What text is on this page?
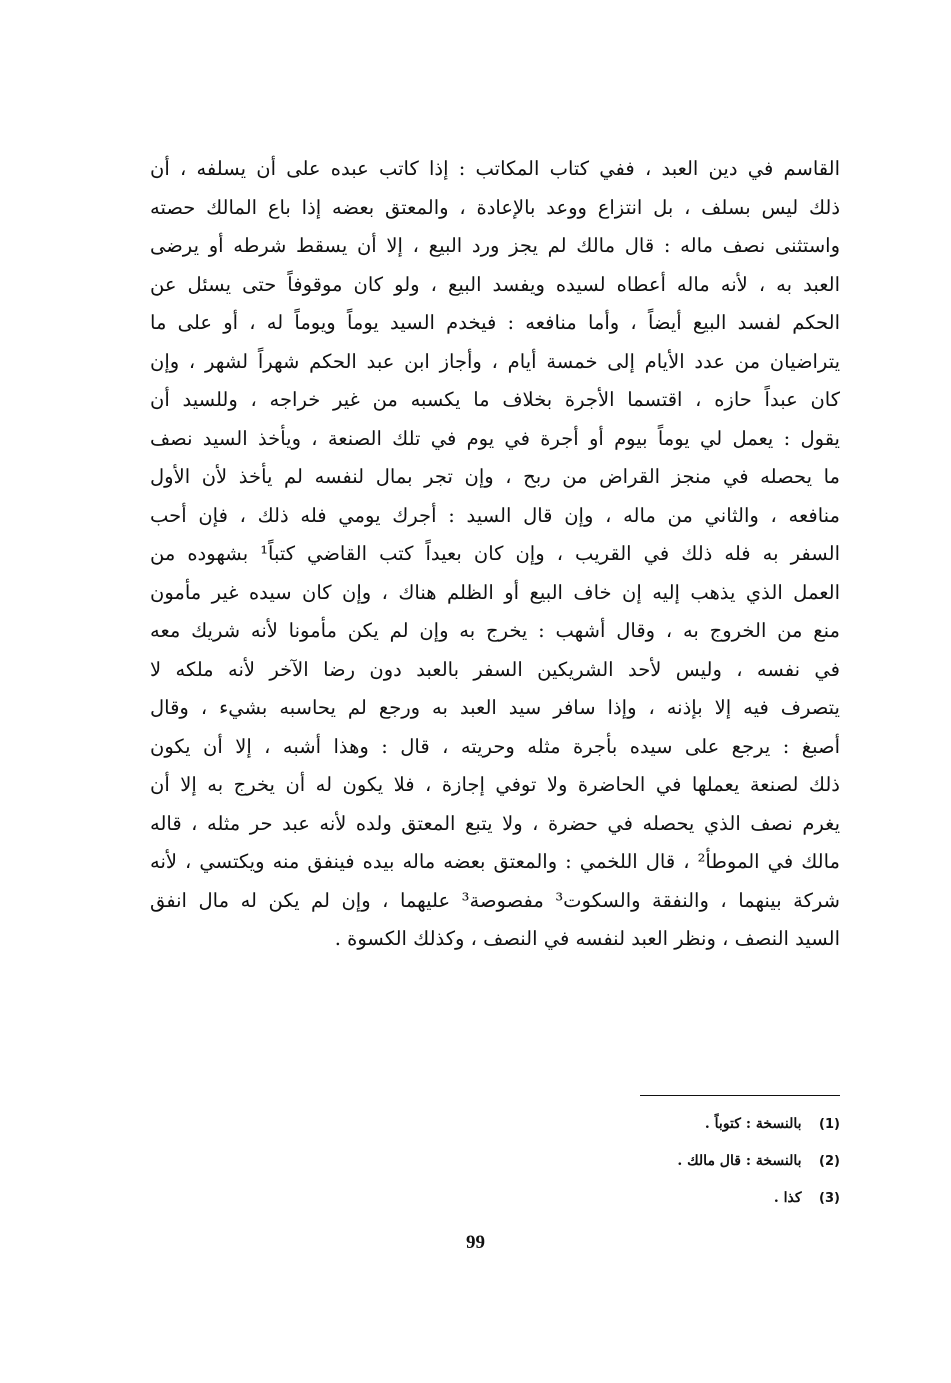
القاسم في دين العبد ، ففي كتاب المكاتب : إذا كاتب عبده على أن يسلفه ، أن
ذلك ليس بسلف ، بل انتزاع ووعد بالإعادة ، والمعتق بعضه إذا باع المالك حصته
واستثنى نصف ماله : قال مالك لم يجز ورد البيع ، إلا أن يسقط شرطه أو يرضى
العبد به ، لأنه ماله أعطاه لسيده ويفسد البيع ، ولو كان موقوفاً حتى يسئل عن
الحكم لفسد البيع أيضاً ، وأما منافعه : فيخدم السيد يوماً ويوماً له ، أو على ما
يتراضيان من عدد الأيام إلى خمسة أيام ، وأجاز ابن عبد الحكم شهراً لشهر ، وإن
كان عبداً حازه ، اقتسما الأجرة بخلاف ما يكسبه من غير خراجه ، وللسيد أن
يقول : يعمل لي يوماً بيوم أو أجرة في يوم في تلك الصنعة ، ويأخذ السيد نصف
ما يحصله في منجز القراض من ربح ، وإن تجر بمال لنفسه لم يأخذ لأن الأول
منافعه ، والثاني من ماله ، وإن قال السيد : أجرك يومي فله ذلك ، فإن أحب
السفر به فله ذلك في القريب ، وإن كان بعيداً كتب القاضي كتباً¹ بشهوده من
العمل الذي يذهب إليه إن خاف البيع أو الظلم هناك ، وإن كان سيده غير مأمون
منع من الخروج به ، وقال أشهب : يخرج به وإن لم يكن مأمونا لأنه شريك معه
في نفسه ، وليس لأحد الشريكين السفر بالعبد دون رضا الآخر لأنه ملكه لا
يتصرف فيه إلا بإذنه ، وإذا سافر سيد العبد به ورجع لم يحاسبه بشيء ، وقال
أصبغ : يرجع على سيده بأجرة مثله وحريته ، قال : وهذا أشبه ، إلا أن يكون
ذلك لصنعة يعملها في الحاضرة ولا توفي إجازة ، فلا يكون له أن يخرج به إلا أن
يغرم نصف الذي يحصله في حضرة ، ولا يتبع المعتق ولده لأنه عبد حر مثله ، قاله
مالك في الموطأ² ، قال اللخمي : والمعتق بعضه ماله بيده فينفق منه ويكتسي ، لأنه
شركة بينهما ، والنفقة والسكوت³ مفصوصة³ عليهما ، وإن لم يكن له مال انفق
السيد النصف ، ونظر العبد لنفسه في النصف ، وكذلك الكسوة .
(1) بالنسخة : كتوباً .
(2) بالنسخة : قال مالك .
(3) كذا .
99
